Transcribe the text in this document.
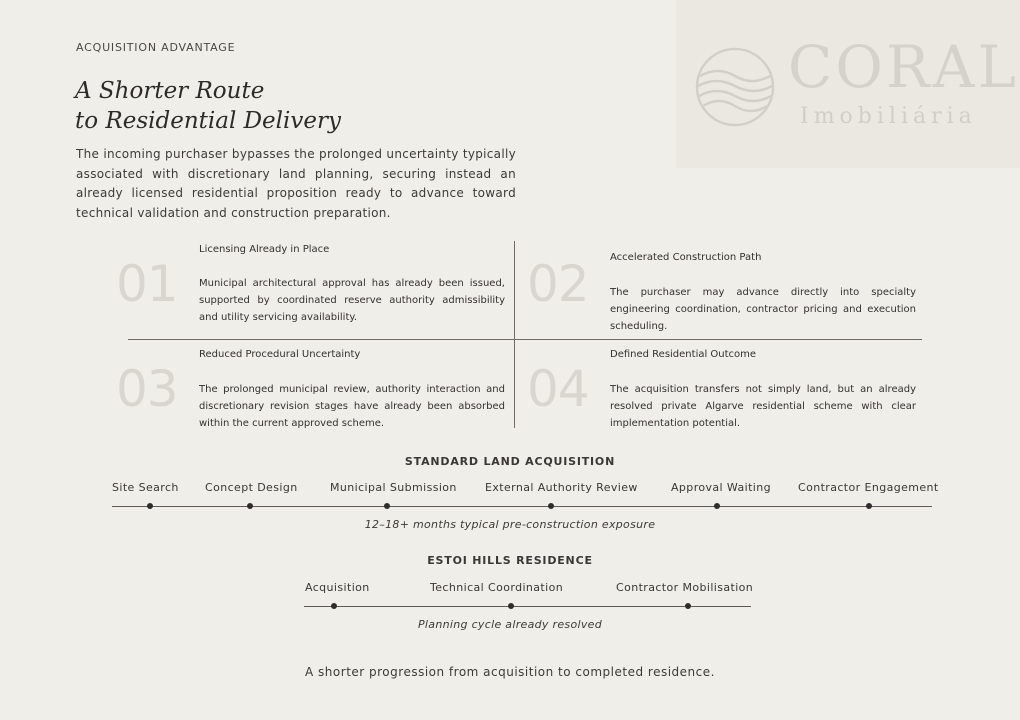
CORAL
Imobiliária
ACQUISITION ADVANTAGE
A Shorter Route
to Residential Delivery
The incoming purchaser bypasses the prolonged uncertainty typically associated with discretionary land planning, securing instead an already licensed residential proposition ready to advance toward technical validation and construction preparation.
01
Licensing Already in Place
Municipal architectural approval has already been issued, supported by coordinated reserve authority admissibility and utility servicing availability.
02 Accelerated Construction Path
The purchaser may advance directly into specialty engineering coordination, contractor pricing and execution scheduling.
03
Reduced Procedural Uncertainty
The prolonged municipal review, authority interaction and discretionary revision stages have already been absorbed within the current approved scheme.
04
Defined Residential Outcome
The acquisition transfers not simply land, but an already resolved private Algarve residential scheme with clear implementation potential.
STANDARD LAND ACQUISITION
Site Search Concept Design	Municipal Submission	External Authority Review	Approval Waiting Contractor Engagement
12–18+ months typical pre-construction exposure
ESTOI HILLS RESIDENCE
Acquisition	Technical Coordination	Contractor Mobilisation
Planning cycle already resolved
A shorter progression from acquisition to completed residence.
